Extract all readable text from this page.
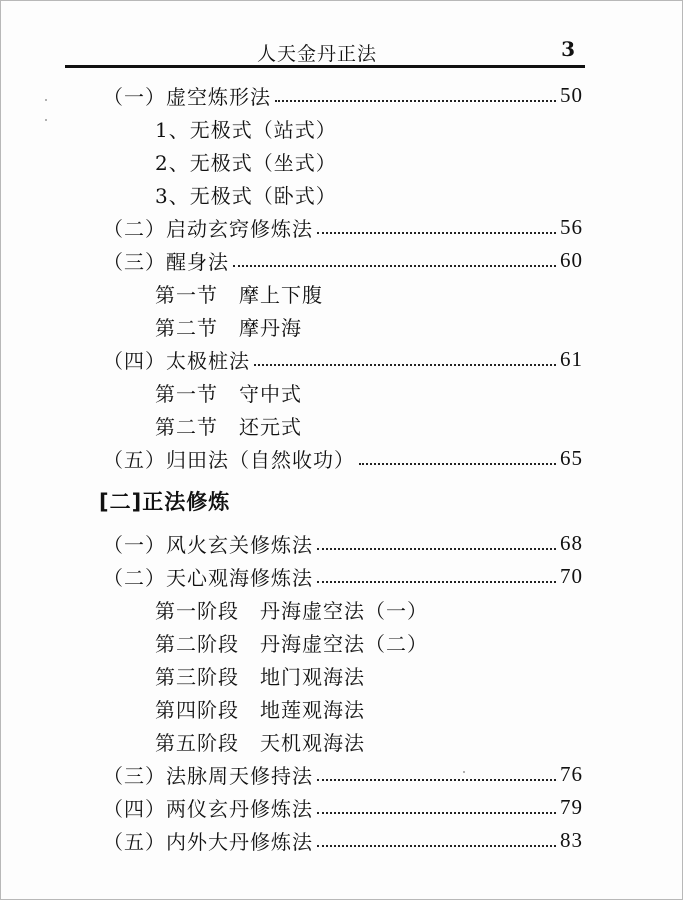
人天金丹正法	3
（一）虚空炼形法	50
1、无极式（站式）
2、无极式（坐式）
3、无极式（卧式）
（二）启动玄窍修炼法	56
（三）醒身法	60
第一节　摩上下腹
第二节　摩丹海
（四）太极桩法	61
第一节　守中式
第二节　还元式
（五）归田法（自然收功）	65
[二]正法修炼
（一）风火玄关修炼法	68
（二）天心观海修炼法	70
第一阶段　丹海虚空法（一）
第二阶段　丹海虚空法（二）
第三阶段　地门观海法
第四阶段　地莲观海法
第五阶段　天机观海法
（三）法脉周天修持法	76
（四）两仪玄丹修炼法	79
（五）内外大丹修炼法	83
